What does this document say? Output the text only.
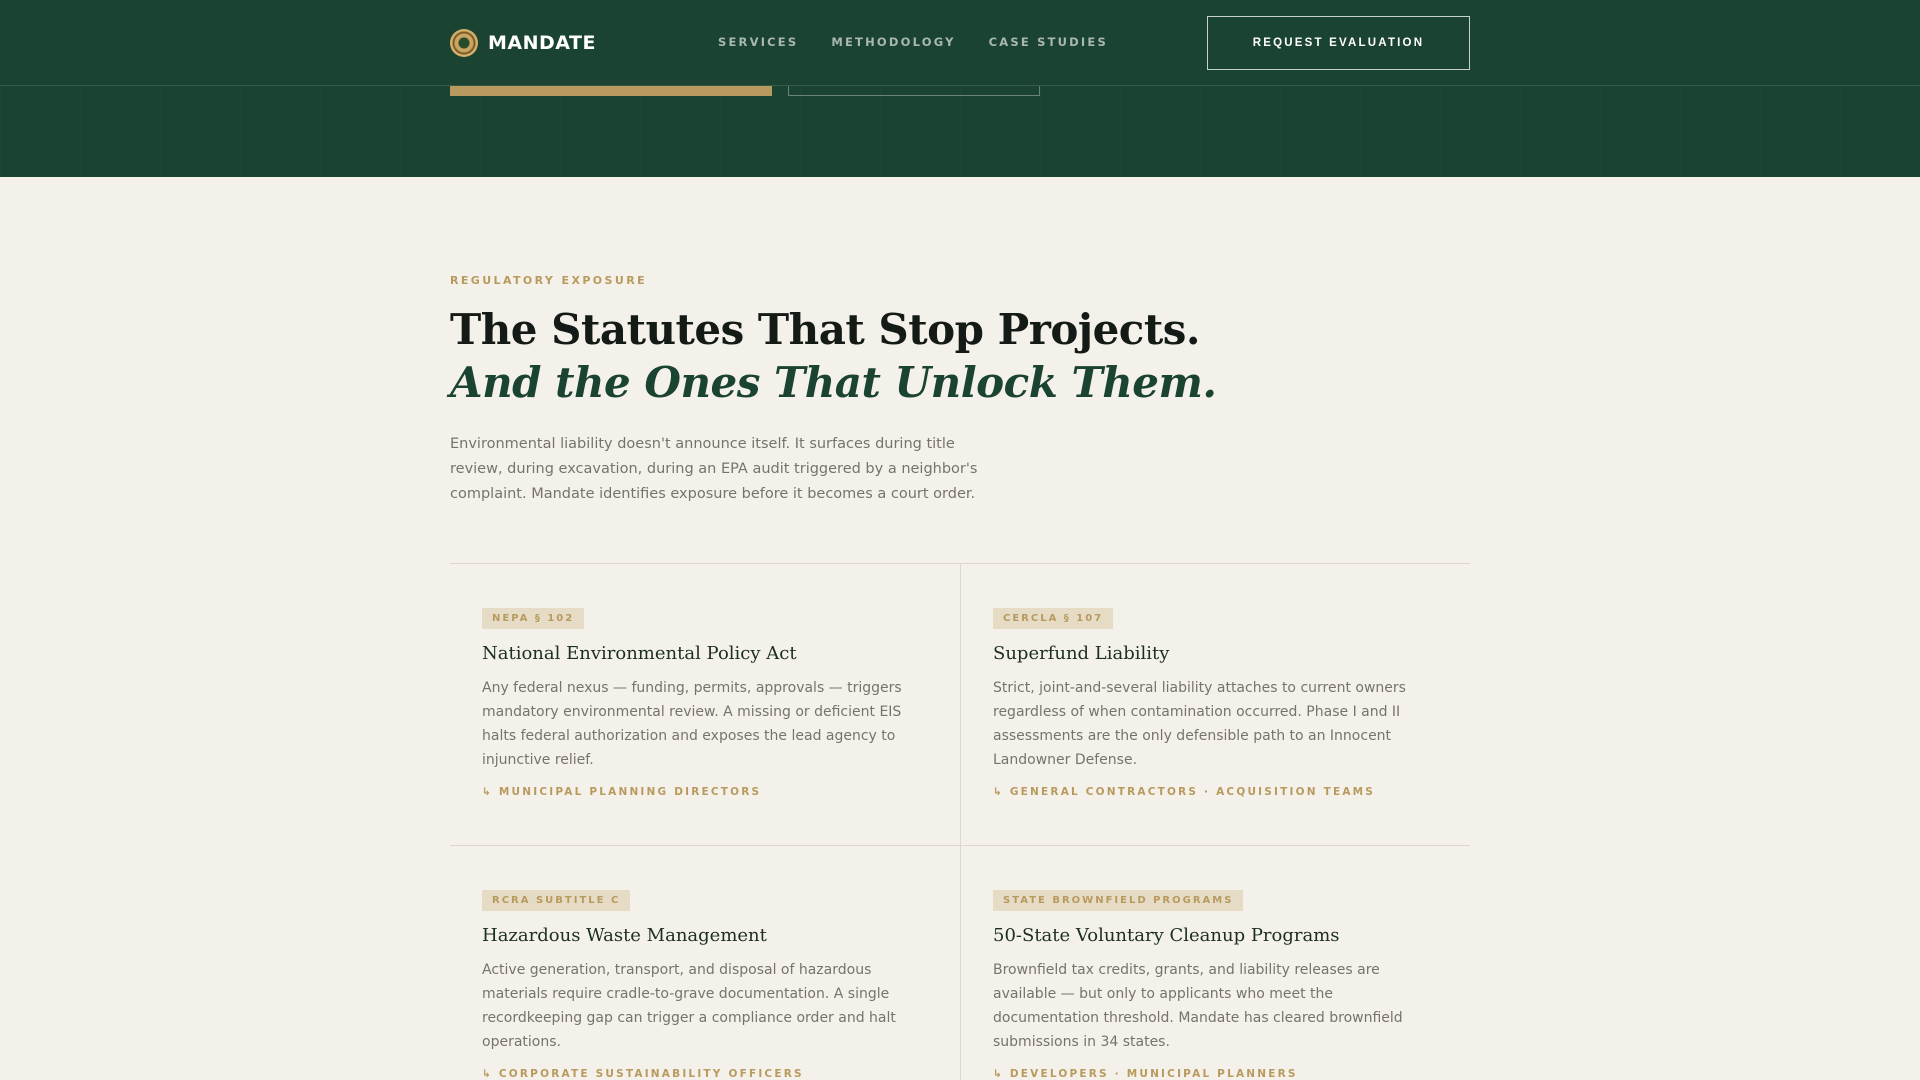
MANDATE	SERVICES	METHODOLOGY	CASE STUDIES	REQUEST EVALUATION
REGULATORY EXPOSURE
The Statutes That Stop Projects.
And the Ones That Unlock Them.

Environmental liability doesn't announce itself. It surfaces during title review, during excavation, during an EPA audit triggered by a neighbor's complaint. Mandate identifies exposure before it becomes a court order.

NEPA § 102
National Environmental Policy Act

Any federal nexus — funding, permits, approvals — triggers mandatory environmental review. A missing or deficient EIS halts federal authorization and exposes the lead agency to injunctive relief.

↳ MUNICIPAL PLANNING DIRECTORS
CERCLA § 107
Superfund Liability

Strict, joint-and-several liability attaches to current owners regardless of when contamination occurred. Phase I and II assessments are the only defensible path to an Innocent Landowner Defense.

↳ GENERAL CONTRACTORS · ACQUISITION TEAMS
RCRA SUBTITLE C
Hazardous Waste Management

Active generation, transport, and disposal of hazardous materials require cradle-to-grave documentation. A single recordkeeping gap can trigger a compliance order and halt operations.

↳ CORPORATE SUSTAINABILITY OFFICERS
STATE BROWNFIELD PROGRAMS
50-State Voluntary Cleanup Programs

Brownfield tax credits, grants, and liability releases are available — but only to applicants who meet the documentation threshold. Mandate has cleared brownfield submissions in 34 states.

↳ DEVELOPERS · MUNICIPAL PLANNERS
